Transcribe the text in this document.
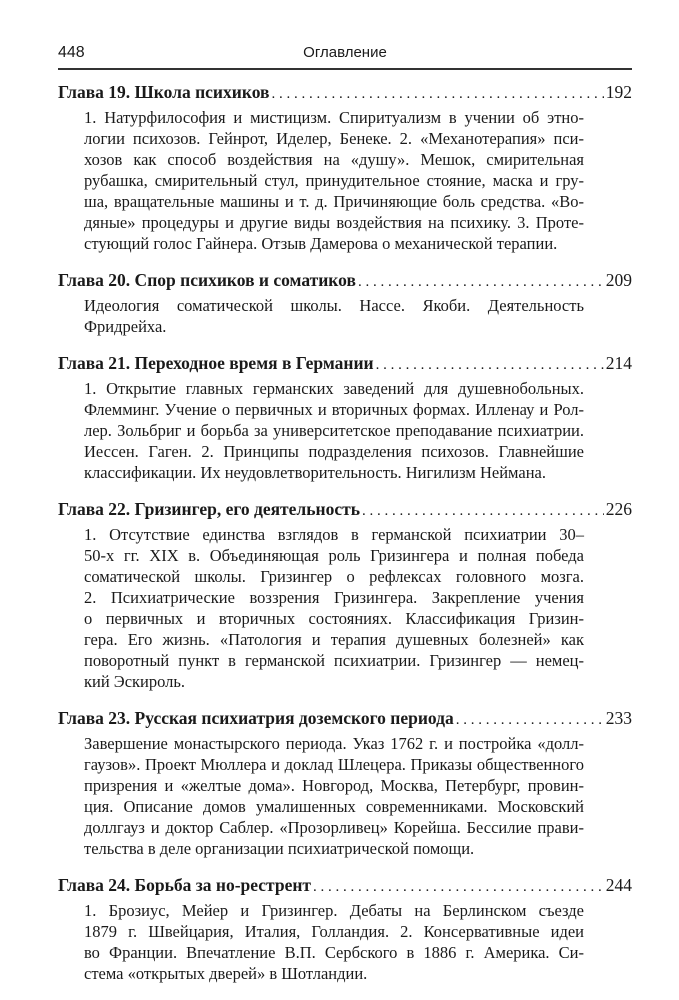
448	Оглавление
Глава 19. Школа психиков . . .	192
1. Натурфилософия и мистицизм. Спиритуализм в учении об этно-
логии психозов. Гейнрот, Иделер, Бенеке. 2. «Механотерапия» пси-
хозов как способ воздействия на «душу». Мешок, смирительная
рубашка, смирительный стул, принудительное стояние, маска и гру-
ша, вращательные машины и т. д. Причиняющие боль средства. «Во-
дяные» процедуры и другие виды воздействия на психику. 3. Проте-
стующий голос Гайнера. Отзыв Дамерова о механической терапии.
Глава 20. Спор психиков и соматиков . . .	209
Идеология соматической школы. Нассе. Якоби. Деятельность
Фридрейха.
Глава 21. Переходное время в Германии . . .	214
1. Открытие главных германских заведений для душевнобольных.
Флемминг. Учение о первичных и вторичных формах. Илленау и Рол-
лер. Зольбриг и борьба за университетское преподавание психиатрии.
Иессен. Гаген. 2. Принципы подразделения психозов. Главнейшие
классификации. Их неудовлетворительность. Нигилизм Неймана.
Глава 22. Гризингер, его деятельность . . .	226
1. Отсутствие единства взглядов в германской психиатрии 30–
50-х гг. XIX в. Объединяющая роль Гризингера и полная победа
соматической школы. Гризингер о рефлексах головного мозга.
2. Психиатрические воззрения Гризингера. Закрепление учения
о первичных и вторичных состояниях. Классификация Гризин-
гера. Его жизнь. «Патология и терапия душевных болезней» как
поворотный пункт в германской психиатрии. Гризингер — немец-
кий Эскироль.
Глава 23. Русская психиатрия доземского периода . . .	233
Завершение монастырского периода. Указ 1762 г. и постройка «долл-
гаузов». Проект Мюллера и доклад Шлецера. Приказы общественного
призрения и «желтые дома». Новгород, Москва, Петербург, провин-
ция. Описание домов умалишенных современниками. Московский
доллгауз и доктор Саблер. «Прозорливец» Корейша. Бессилие прави-
тельства в деле организации психиатрической помощи.
Глава 24. Борьба за но-рестрент . . .	244
1. Брозиус, Мейер и Гризингер. Дебаты на Берлинском съезде
1879 г. Швейцария, Италия, Голландия. 2. Консервативные идеи
во Франции. Впечатление В.П. Сербского в 1886 г. Америка. Си-
стема «открытых дверей» в Шотландии.
